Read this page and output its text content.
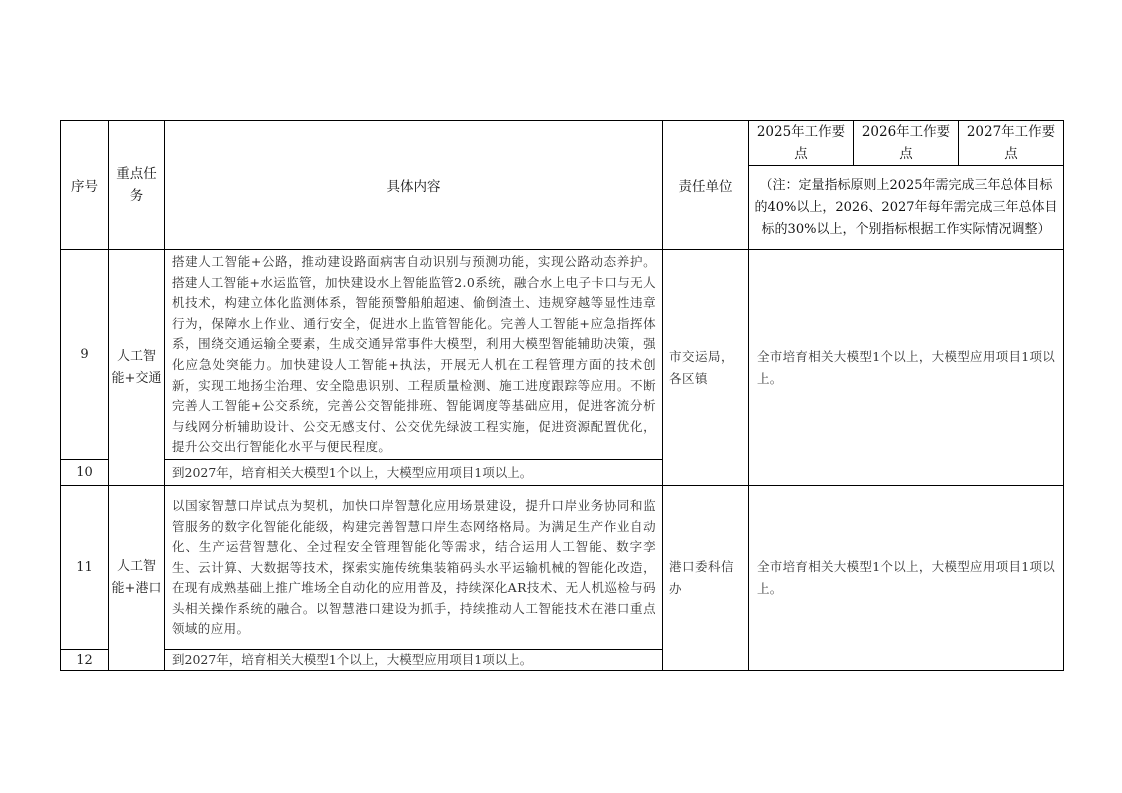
序号	重点任务	具体内容	责任单位	2025年工作要点	2026年工作要点	2027年工作要点
				（注：定量指标原则上2025年需完成三年总体目标的40%以上，2026、2027年每年需完成三年总体目标的30%以上，个别指标根据工作实际情况调整）		
9	人工智能+交通	搭建人工智能+公路，推动建设路面病害自动识别与预测功能，实现公路动态养护。搭建人工智能+水运监管，加快建设水上智能监管2.0系统，融合水上电子卡口与无人机技术，构建立体化监测体系，智能预警船舶超速、偷倒渣土、违规穿越等显性违章行为，保障水上作业、通行安全，促进水上监管智能化。完善人工智能+应急指挥体系，围绕交通运输全要素，生成交通异常事件大模型，利用大模型智能辅助决策，强化应急处突能力。加快建设人工智能+执法，开展无人机在工程管理方面的技术创新，实现工地扬尘治理、安全隐患识别、工程质量检测、施工进度跟踪等应用。不断完善人工智能+公交系统，完善公交智能排班、智能调度等基础应用，促进客流分析与线网分析辅助设计、公交无感支付、公交优先绿波工程实施，促进资源配置优化，提升公交出行智能化水平与便民程度。	市交运局，各区镇	全市培育相关大模型1个以上，大模型应用项目1项以上。		
10		到2027年，培育相关大模型1个以上，大模型应用项目1项以上。				
11	人工智能+港口	以国家智慧口岸试点为契机，加快口岸智慧化应用场景建设，提升口岸业务协同和监管服务的数字化智能化能级，构建完善智慧口岸生态网络格局。为满足生产作业自动化、生产运营智慧化、全过程安全管理智能化等需求，结合运用人工智能、数字孪生、云计算、大数据等技术，探索实施传统集装箱码头水平运输机械的智能化改造，在现有成熟基础上推广堆场全自动化的应用普及，持续深化AR技术、无人机巡检与码头相关操作系统的融合。以智慧港口建设为抓手，持续推动人工智能技术在港口重点领域的应用。	港口委科信办	全市培育相关大模型1个以上，大模型应用项目1项以上。		
12		到2027年，培育相关大模型1个以上，大模型应用项目1项以上。				
